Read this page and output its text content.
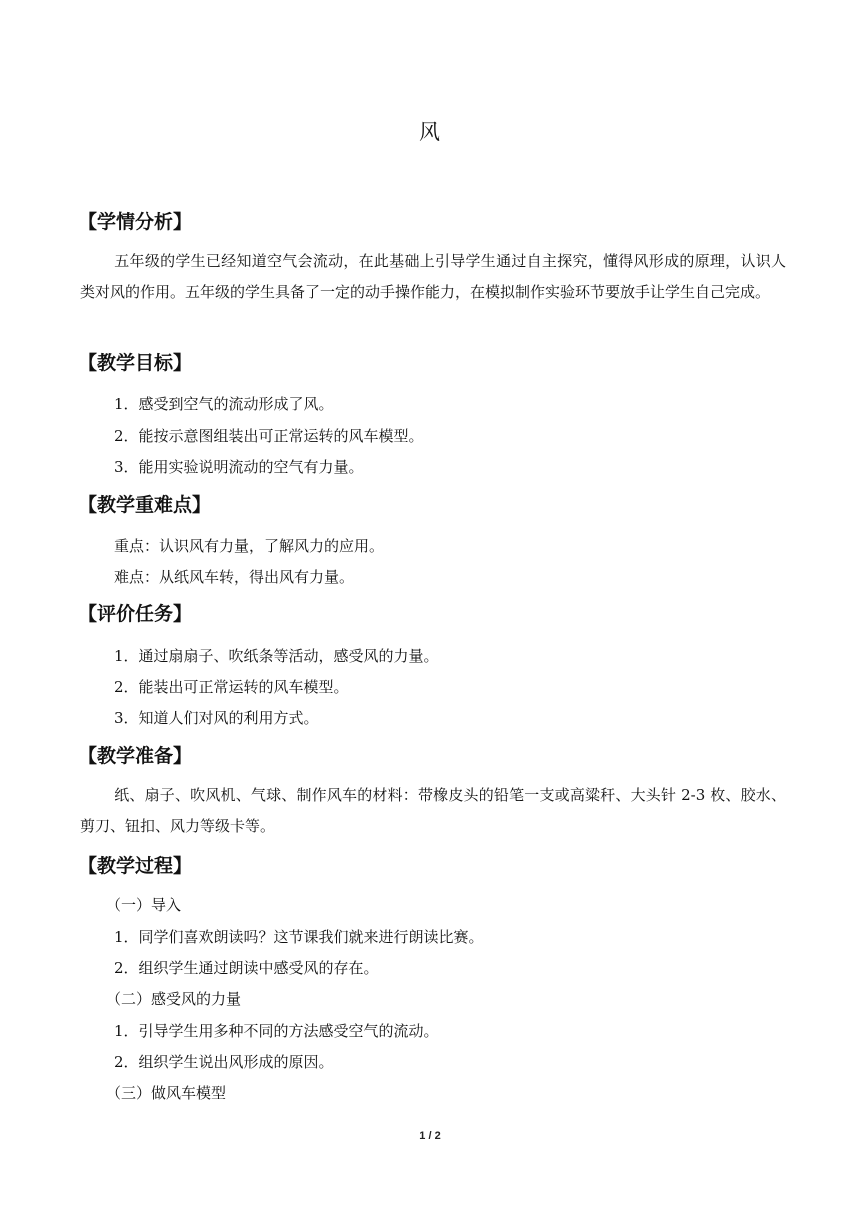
风
【学情分析】
五年级的学生已经知道空气会流动，在此基础上引导学生通过自主探究，懂得风形成的原理，认识人类对风的作用。五年级的学生具备了一定的动手操作能力，在模拟制作实验环节要放手让学生自己完成。
【教学目标】
1．感受到空气的流动形成了风。
2．能按示意图组装出可正常运转的风车模型。
3．能用实验说明流动的空气有力量。
【教学重难点】
重点：认识风有力量，了解风力的应用。
难点：从纸风车转，得出风有力量。
【评价任务】
1．通过扇扇子、吹纸条等活动，感受风的力量。
2．能装出可正常运转的风车模型。
3．知道人们对风的利用方式。
【教学准备】
纸、扇子、吹风机、气球、制作风车的材料：带橡皮头的铅笔一支或高粱秆、大头针 2-3 枚、胶水、剪刀、钮扣、风力等级卡等。
【教学过程】
（一）导入
1．同学们喜欢朗读吗？这节课我们就来进行朗读比赛。
2．组织学生通过朗读中感受风的存在。
（二）感受风的力量
1．引导学生用多种不同的方法感受空气的流动。
2．组织学生说出风形成的原因。
（三）做风车模型
1 / 2
